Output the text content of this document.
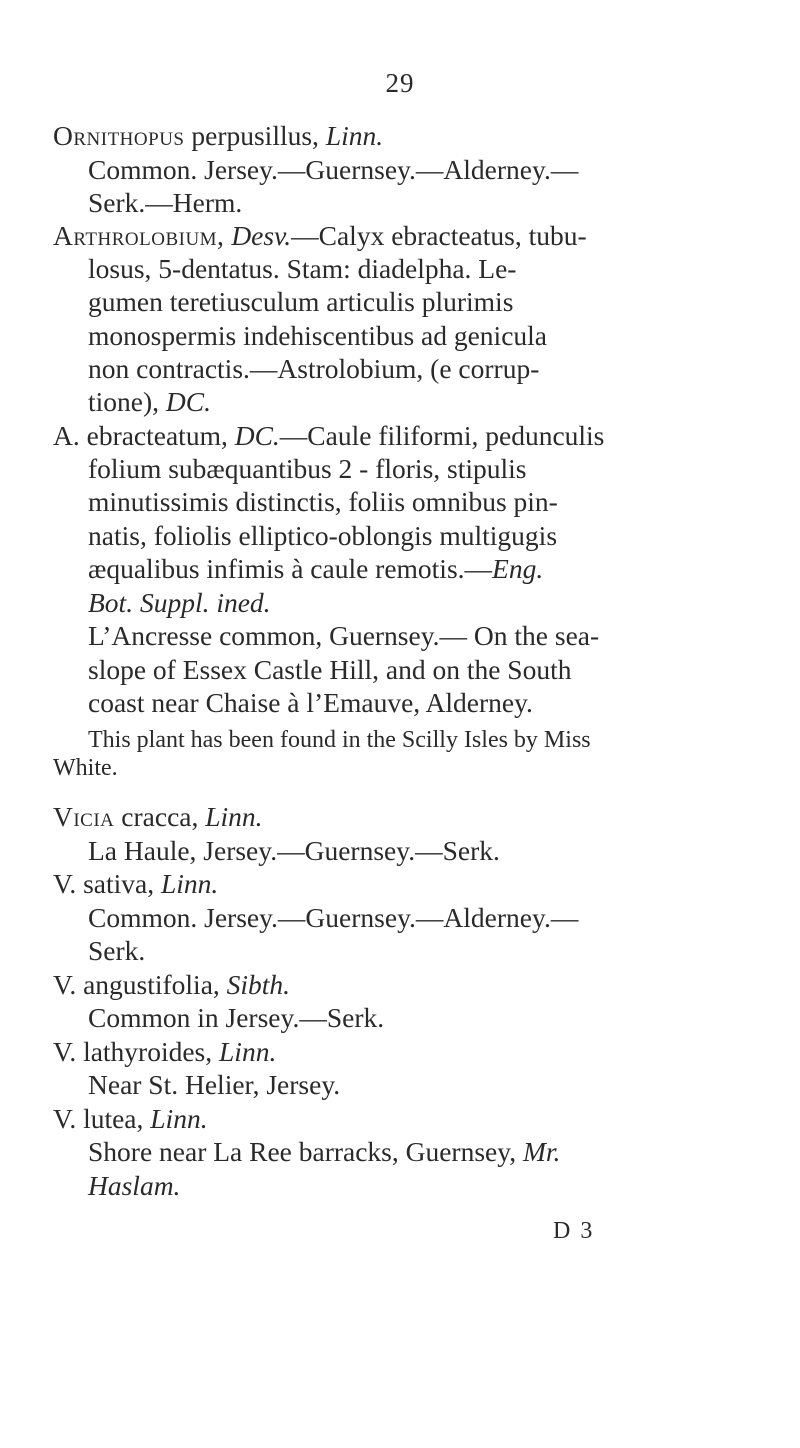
29
Ornithopus perpusillus, Linn.
Common. Jersey.—Guernsey.—Alderney.—
Serk.—Herm.
Arthrolobium, Desv.—Calyx ebracteatus, tubu-
losus, 5-dentatus. Stam: diadelpha. Le-
gumen teretiusculum articulis plurimis
monospermis indehiscentibus ad genicula
non contractis.—Astrolobium, (e corrup-
tione), DC.
A. ebracteatum, DC.—Caule filiformi, pedunculis
folium subæquantibus 2 - floris, stipulis
minutissimis distinctis, foliis omnibus pin-
natis, foliolis elliptico-oblongis multigugis
æqualibus infimis à caule remotis.—Eng.
Bot. Suppl. ined.
L’Ancresse common, Guernsey.— On the sea-
slope of Essex Castle Hill, and on the South
coast near Chaise à l’Emauve, Alderney.
This plant has been found in the Scilly Isles by Miss
White.
Vicia cracca, Linn.
La Haule, Jersey.—Guernsey.—Serk.
V. sativa, Linn.
Common. Jersey.—Guernsey.—Alderney.—
Serk.
V. angustifolia, Sibth.
Common in Jersey.—Serk.
V. lathyroides, Linn.
Near St. Helier, Jersey.
V. lutea, Linn.
Shore near La Ree barracks, Guernsey, Mr.
Haslam.
D 3
